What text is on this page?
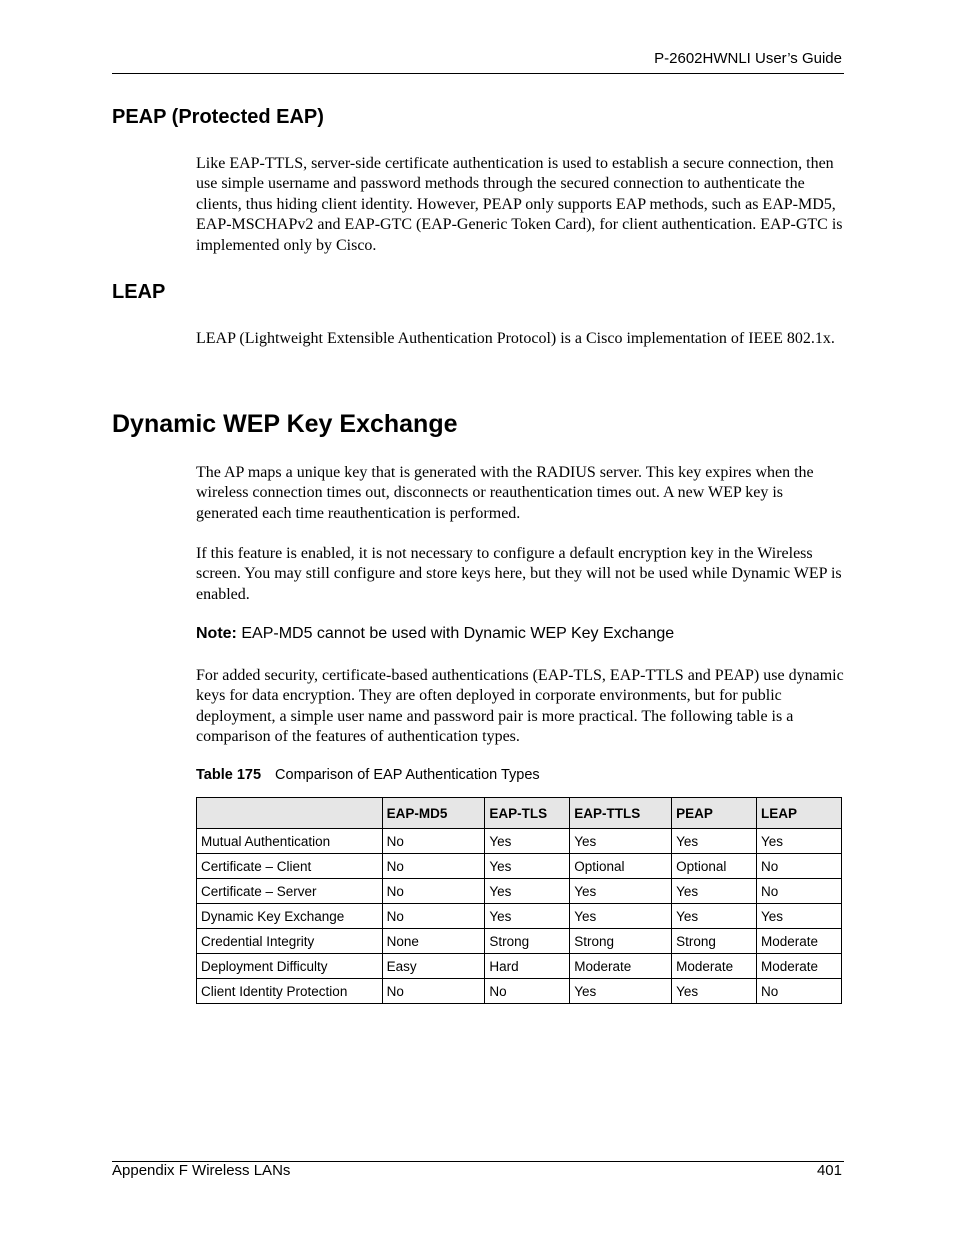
P-2602HWNLI User’s Guide
PEAP (Protected EAP)

Like EAP-TTLS, server-side certificate authentication is used to establish a secure connection, then use simple username and password methods through the secured connection to authenticate the clients, thus hiding client identity. However, PEAP only supports EAP methods, such as EAP-MD5, EAP-MSCHAPv2 and EAP-GTC (EAP-Generic Token Card), for client authentication. EAP-GTC is implemented only by Cisco.

LEAP

LEAP (Lightweight Extensible Authentication Protocol) is a Cisco implementation of IEEE 802.1x.

Dynamic WEP Key Exchange

The AP maps a unique key that is generated with the RADIUS server. This key expires when the wireless connection times out, disconnects or reauthentication times out. A new WEP key is generated each time reauthentication is performed.

If this feature is enabled, it is not necessary to configure a default encryption key in the Wireless screen. You may still configure and store keys here, but they will not be used while Dynamic WEP is enabled.

Note: EAP-MD5 cannot be used with Dynamic WEP Key Exchange

For added security, certificate-based authentications (EAP-TLS, EAP-TTLS and PEAP) use dynamic keys for data encryption. They are often deployed in corporate environments, but for public deployment, a simple user name and password pair is more practical. The following table is a comparison of the features of authentication types.

Table 175 Comparison of EAP Authentication Types
	EAP-MD5	EAP-TLS	EAP-TTLS	PEAP	LEAP
Mutual Authentication	No	Yes	Yes	Yes	Yes
Certificate – Client	No	Yes	Optional	Optional	No
Certificate – Server	No	Yes	Yes	Yes	No
Dynamic Key Exchange	No	Yes	Yes	Yes	Yes
Credential Integrity	None	Strong	Strong	Strong	Moderate
Deployment Difficulty	Easy	Hard	Moderate	Moderate	Moderate
Client Identity Protection	No	No	Yes	Yes	No
Appendix F Wireless LANs	401
